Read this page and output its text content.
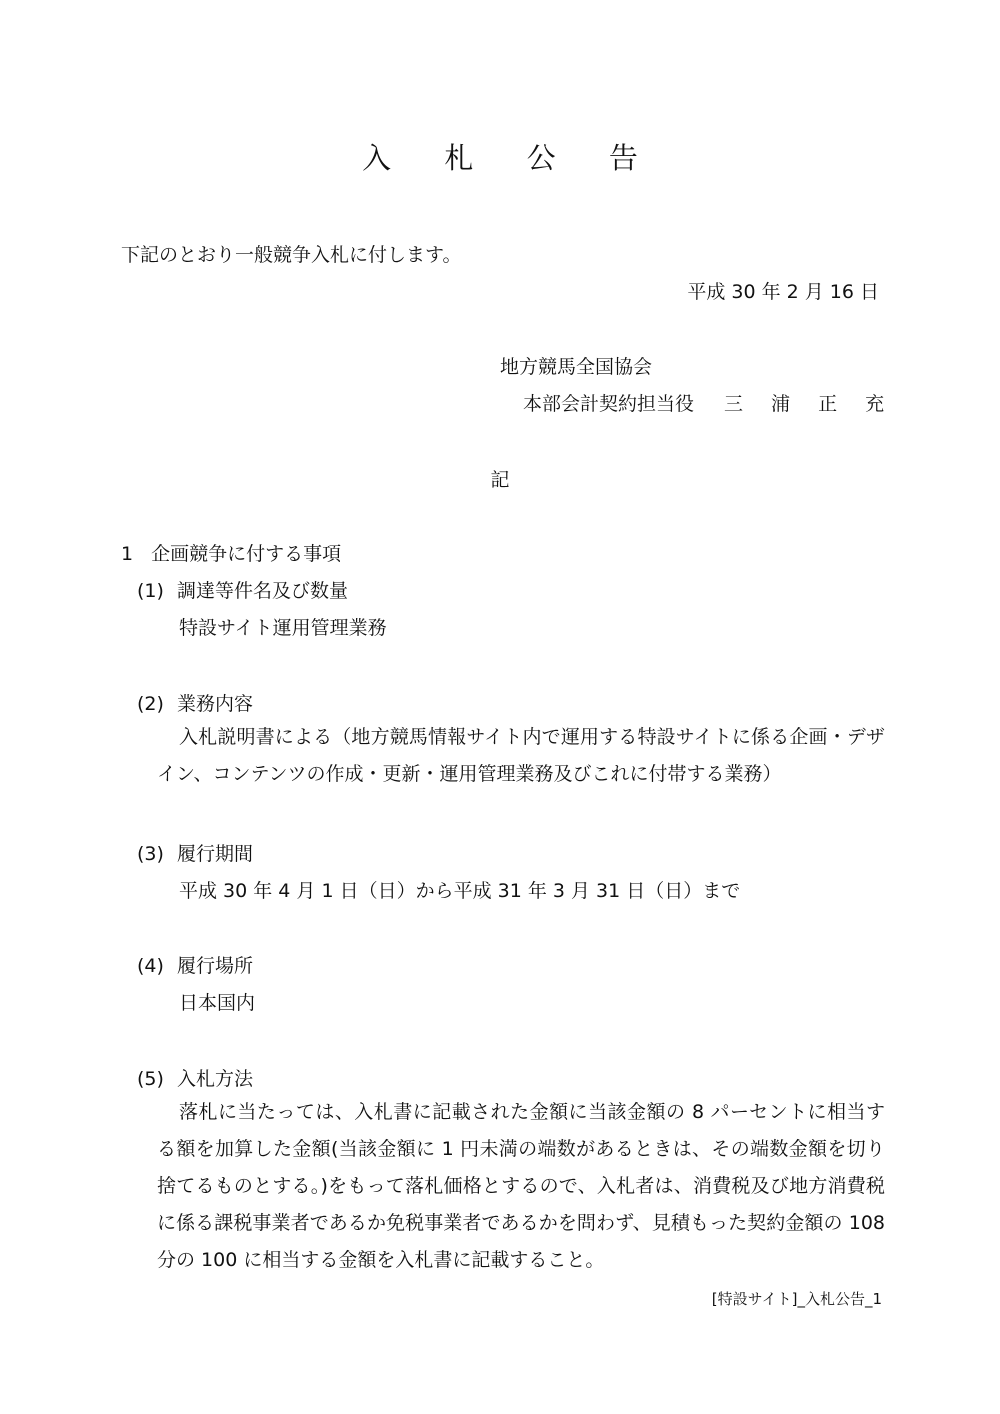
入 札 公 告
下記のとおり一般競争入札に付します。
平成 30 年 2 月 16 日
地方競馬全国協会
本部会計契約担当役 三 浦 正 充
記
1 企画競争に付する事項
(1) 調達等件名及び数量
特設サイト運用管理業務
(2) 業務内容
入札説明書による（地方競馬情報サイト内で運用する特設サイトに係る企画・デザイン、コンテンツの作成・更新・運用管理業務及びこれに付帯する業務）
(3) 履行期間
平成 30 年 4 月 1 日（日）から平成 31 年 3 月 31 日（日）まで
(4) 履行場所
日本国内
(5) 入札方法
落札に当たっては、入札書に記載された金額に当該金額の 8 パーセントに相当する額を加算した金額(当該金額に 1 円未満の端数があるときは、その端数金額を切り捨てるものとする。)をもって落札価格とするので、入札者は、消費税及び地方消費税に係る課税事業者であるか免税事業者であるかを問わず、見積もった契約金額の 108 分の 100 に相当する金額を入札書に記載すること。
[特設サイト]_入札公告_1
